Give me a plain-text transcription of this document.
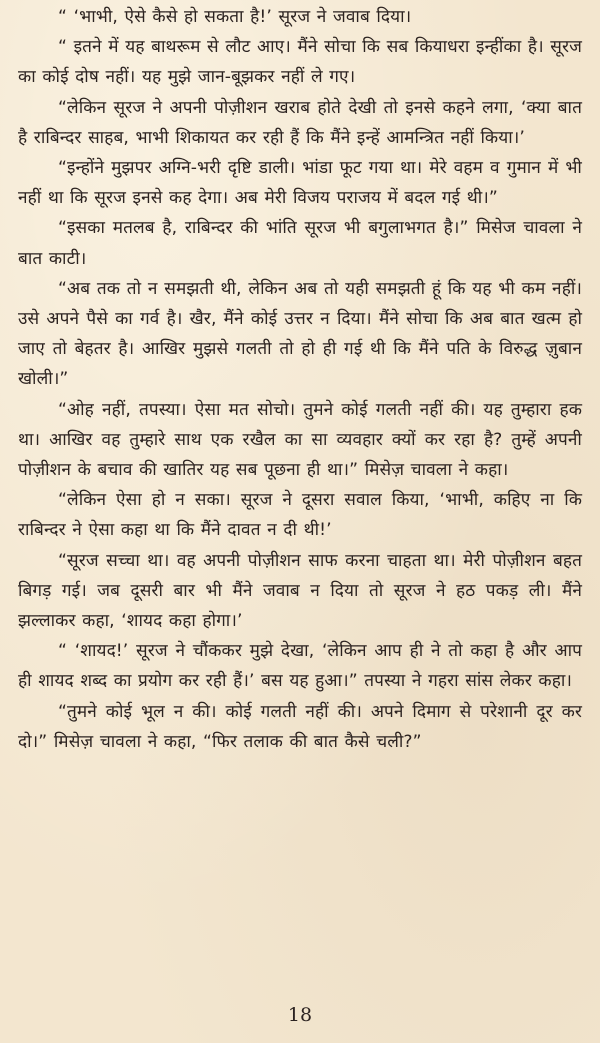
“ ‘भाभी, ऐसे कैसे हो सकता है!’ सूरज ने जवाब दिया।

“ इतने में यह बाथरूम से लौट आए। मैंने सोचा कि सब कियाधरा इन्हींका है। सूरज का कोई दोष नहीं। यह मुझे जान-बूझकर नहीं ले गए।

“लेकिन सूरज ने अपनी पोज़ीशन खराब होते देखी तो इनसे कहने लगा, ‘क्या बात है राबिन्दर साहब, भाभी शिकायत कर रही हैं कि मैंने इन्हें आमन्त्रित नहीं किया।’

“इन्होंने मुझपर अग्नि-भरी दृष्टि डाली। भांडा फूट गया था। मेरे वहम व गुमान में भी नहीं था कि सूरज इनसे कह देगा। अब मेरी विजय पराजय में बदल गई थी।”

“इसका मतलब है, राबिन्दर की भांति सूरज भी बगुलाभगत है।” मिसेज चावला ने बात काटी।

“अब तक तो न समझती थी, लेकिन अब तो यही समझती हूं कि यह भी कम नहीं। उसे अपने पैसे का गर्व है। खैर, मैंने कोई उत्तर न दिया। मैंने सोचा कि अब बात खत्म हो जाए तो बेहतर है। आखिर मुझसे गलती तो हो ही गई थी कि मैंने पति के विरुद्ध ज़ुबान खोली।”

“ओह नहीं, तपस्या। ऐसा मत सोचो। तुमने कोई गलती नहीं की। यह तुम्हारा हक था। आखिर वह तुम्हारे साथ एक रखैल का सा व्यवहार क्यों कर रहा है? तुम्हें अपनी पोज़ीशन के बचाव की खातिर यह सब पूछना ही था।” मिसेज़ चावला ने कहा।

“लेकिन ऐसा हो न सका। सूरज ने दूसरा सवाल किया, ‘भाभी, कहिए ना कि राबिन्दर ने ऐसा कहा था कि मैंने दावत न दी थी!’

“सूरज सच्चा था। वह अपनी पोज़ीशन साफ करना चाहता था। मेरी पोज़ीशन बहत बिगड़ गई। जब दूसरी बार भी मैंने जवाब न दिया तो सूरज ने हठ पकड़ ली। मैंने झल्लाकर कहा, ‘शायद कहा होगा।’

“ ‘शायद!’ सूरज ने चौंककर मुझे देखा, ‘लेकिन आप ही ने तो कहा है और आप ही शायद शब्द का प्रयोग कर रही हैं।’ बस यह हुआ।” तपस्या ने गहरा सांस लेकर कहा।

“तुमने कोई भूल न की। कोई गलती नहीं की। अपने दिमाग से परेशानी दूर कर दो।” मिसेज़ चावला ने कहा, “फिर तलाक की बात कैसे चली?”

18
